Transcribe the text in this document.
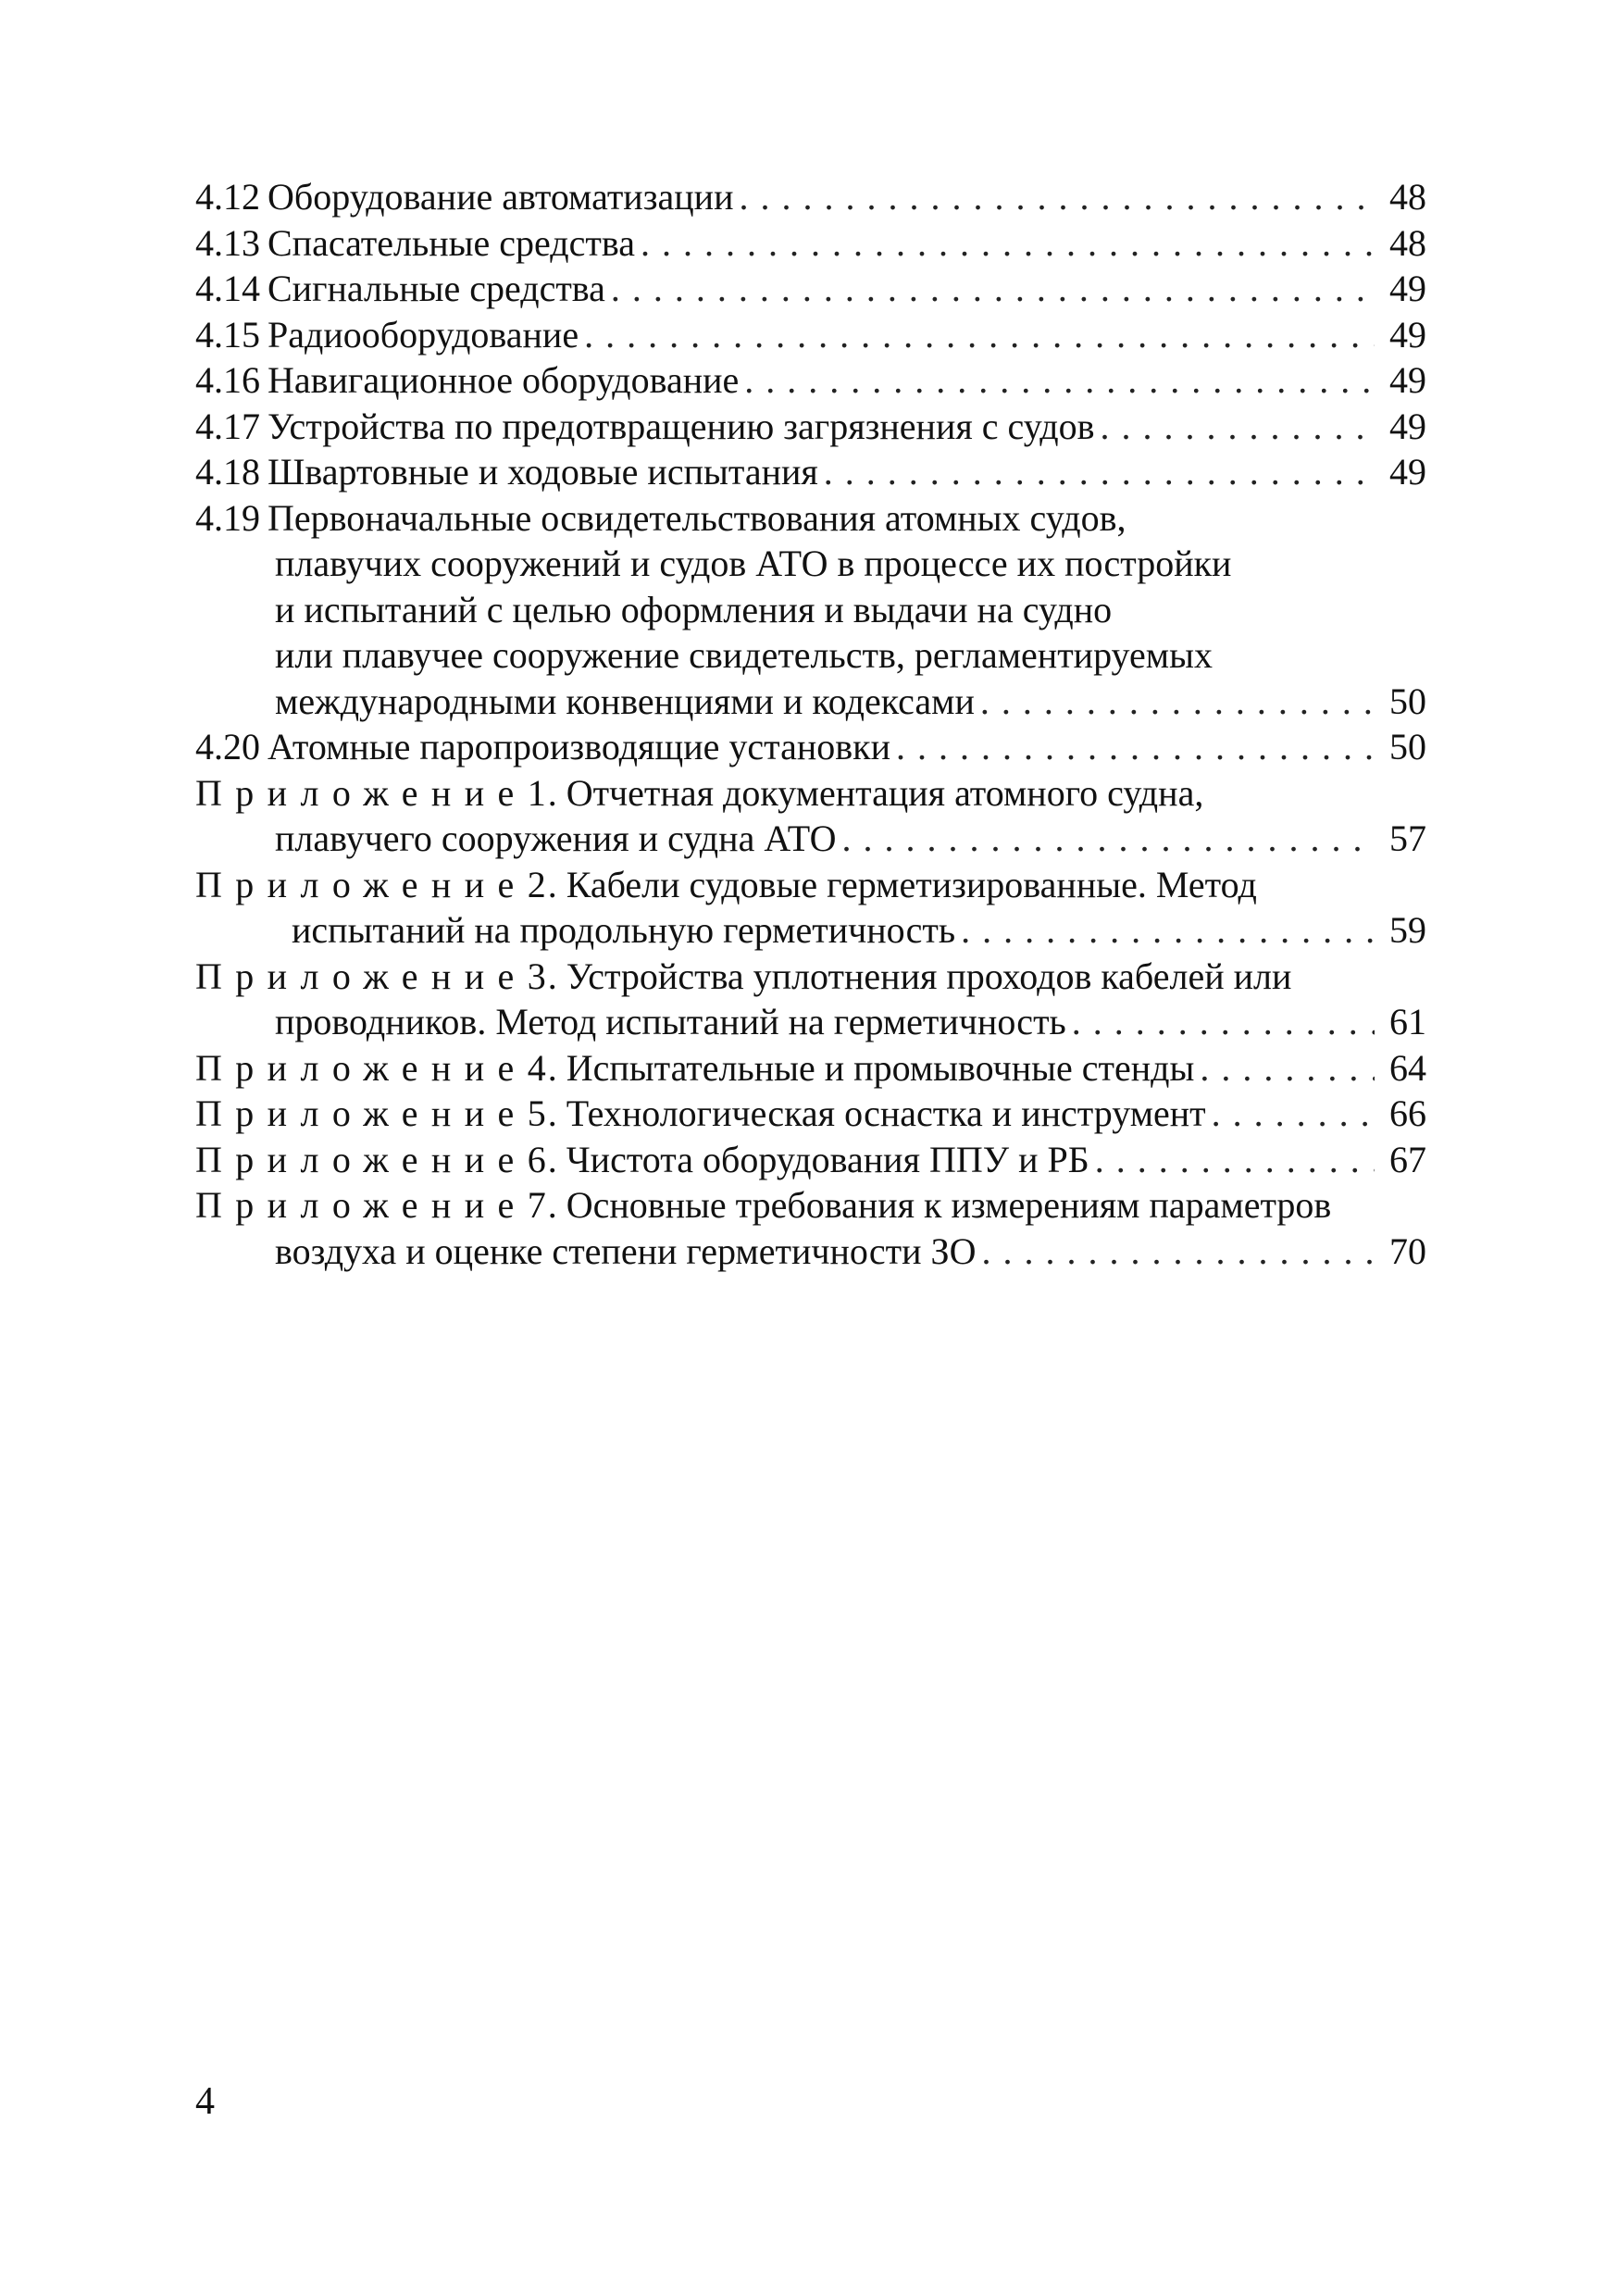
4.12 Оборудование автоматизации . . .	48
4.13 Спасательные средства . . .	48
4.14 Сигнальные средства . . .	49
4.15 Радиооборудование . . .	49
4.16 Навигационное оборудование . . .	49
4.17 Устройства по предотвращению загрязнения с судов . . .	49
4.18 Швартовные и ходовые испытания . . .	49
4.19 Первоначальные освидетельствования атомных судов,
плавучих сооружений и судов АТО в процессе их постройки
и испытаний с целью оформления и выдачи на судно
или плавучее сооружение свидетельств, регламентируемых
международными конвенциями и кодексами . . .	50
4.20 Атомные паропроизводящие установки . . .	50
Приложение 1 . Отчетная документация атомного судна,
плавучего сооружения и судна АТО . . .	57
Приложение 2 . Кабели судовые герметизированные. Метод
испытаний на продольную герметичность . . .	59
Приложение 3 . Устройства уплотнения проходов кабелей или
проводников. Метод испытаний на герметичность . . .	61
Приложение 4 . Испытательные и промывочные стенды . . .	64
Приложение 5 . Технологическая оснастка и инструмент . . .	66
Приложение 6 . Чистота оборудования ППУ и РБ . . .	67
Приложение 7 . Основные требования к измерениям параметров
воздуха и оценке степени герметичности ЗО . . .	70
4
